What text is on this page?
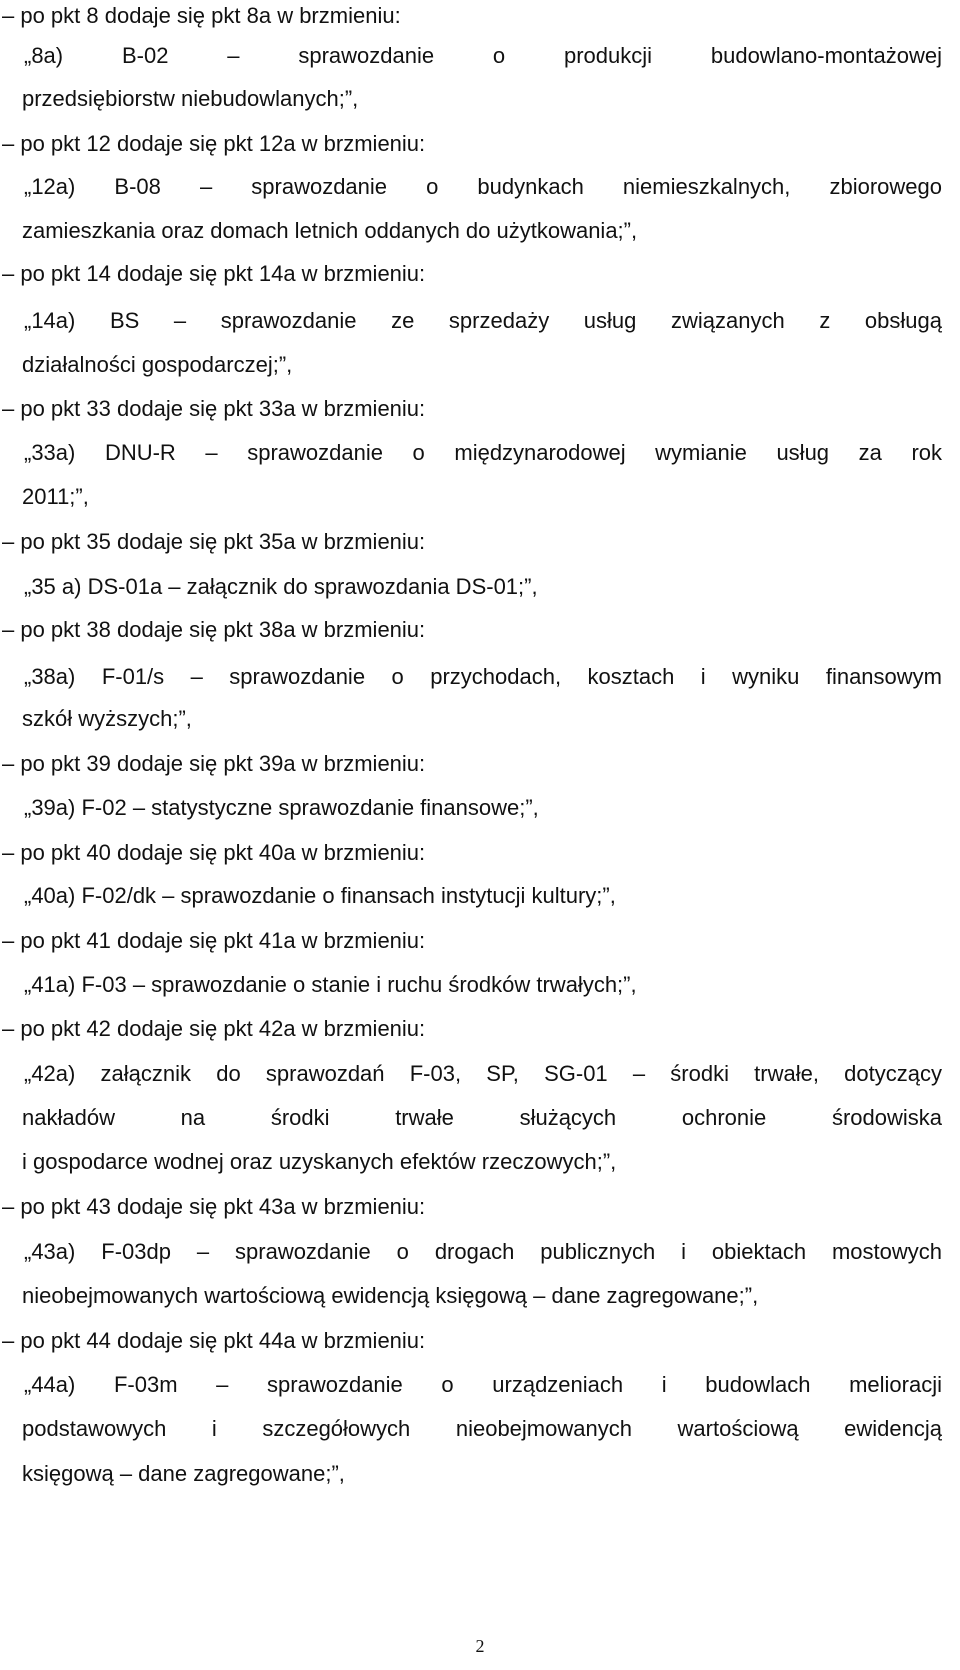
– po pkt 8 dodaje się pkt 8a w brzmieniu:
„8a) B-02 – sprawozdanie o produkcji budowlano-montażowej
przedsiębiorstw niebudowlanych;”,
– po pkt 12 dodaje się pkt 12a w brzmieniu:
„12a) B-08 – sprawozdanie o budynkach niemieszkalnych, zbiorowego
zamieszkania oraz domach letnich oddanych do użytkowania;”,
– po pkt 14 dodaje się pkt 14a w brzmieniu:
„14a) BS – sprawozdanie ze sprzedaży usług związanych z obsługą
działalności gospodarczej;”,
– po pkt 33 dodaje się pkt 33a w brzmieniu:
„33a) DNU-R – sprawozdanie o międzynarodowej wymianie usług za rok
2011;”,
– po pkt 35 dodaje się pkt 35a w brzmieniu:
„35 a) DS-01a – załącznik do sprawozdania DS-01;”,
– po pkt 38 dodaje się pkt 38a w brzmieniu:
„38a) F-01/s – sprawozdanie o przychodach, kosztach i wyniku finansowym
szkół wyższych;”,
– po pkt 39 dodaje się pkt 39a w brzmieniu:
„39a) F-02 – statystyczne sprawozdanie finansowe;”,
– po pkt 40 dodaje się pkt 40a w brzmieniu:
„40a) F-02/dk – sprawozdanie o finansach instytucji kultury;”,
– po pkt 41 dodaje się pkt 41a w brzmieniu:
„41a) F-03 – sprawozdanie o stanie i ruchu środków trwałych;”,
– po pkt 42 dodaje się pkt 42a w brzmieniu:
„42a) załącznik do sprawozdań F-03, SP, SG-01 – środki trwałe, dotyczący
nakładów na środki trwałe służących ochronie środowiska
i gospodarce wodnej oraz uzyskanych efektów rzeczowych;”,
– po pkt 43 dodaje się pkt 43a w brzmieniu:
„43a) F-03dp – sprawozdanie o drogach publicznych i obiektach mostowych
nieobejmowanych wartościową ewidencją księgową – dane zagregowane;”,
– po pkt 44 dodaje się pkt 44a w brzmieniu:
„44a) F-03m – sprawozdanie o urządzeniach i budowlach melioracji
podstawowych i szczegółowych nieobejmowanych wartościową ewidencją
księgową – dane zagregowane;”,
2
